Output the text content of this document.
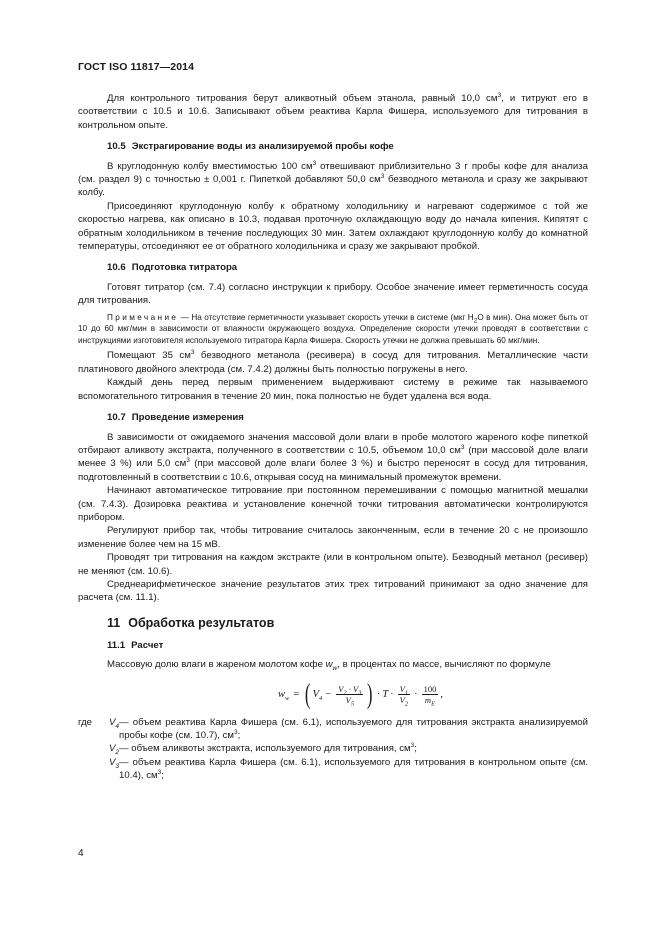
ГОСТ ISO 11817—2014

Для контрольного титрования берут аликвотный объем этанола, равный 10,0 $см^3$, и титруют его в соответствии с 10.5 и 10.6. Записывают объем реактива Карла Фишера, используемого для титрования в контрольном опыте.

10.5 Экстрагирование воды из анализируемой пробы кофе

В круглодонную колбу вместимостью 100 $см^3$ отвешивают приблизительно 3 г пробы кофе для анализа (см. раздел 9) с точностью ± 0,001 г. Пипеткой добавляют 50,0 $см^3$ безводного метанола и сразу же закрывают колбу.

Присоединяют круглодонную колбу к обратному холодильнику и нагревают содержимое с той же скоростью нагрева, как описано в 10.3, подавая проточную охлаждающую воду до начала кипения. Кипятят с обратным холодильником в течение последующих 30 мин. Затем охлаждают круглодонную колбу до комнатной температуры, отсоединяют ее от обратного холодильника и сразу же закрывают пробкой.

10.6 Подготовка титратора

Готовят титратор (см. 7.4) согласно инструкции к прибору. Особое значение имеет герметичность сосуда для титрования.

Примечание — На отсутствие герметичности указывает скорость утечки в системе (мкг $H_2O$ в мин). Она может быть от 10 до 60 мкг/мин в зависимости от влажности окружающего воздуха. Определение скорости утечки проводят в соответствии с инструкциями изготовителя используемого титратора Карла Фишера. Скорость утечки не должна превышать 60 мкг/мин.

Помещают 35 $см^3$ безводного метанола (ресивера) в сосуд для титрования. Металлические части платинового двойного электрода (см. 7.4.2) должны быть полностью погружены в него.

Каждый день перед первым применением выдерживают систему в режиме так называемого вспомогательного титрования в течение 20 мин, пока полностью не будет удалена вся вода.

10.7 Проведение измерения

В зависимости от ожидаемого значения массовой доли влаги в пробе молотого жареного кофе пипеткой отбирают аликвоту экстракта, полученного в соответствии с 10.5, объемом 10,0 $см^3$ (при массовой доле влаги менее 3 %) или 5,0 $см^3$ (при массовой доле влаги более 3 %) и быстро переносят в сосуд для титрования, подготовленный в соответствии с 10.6, открывая сосуд на минимальный промежуток времени.

Начинают автоматическое титрование при постоянном перемешивании с помощью магнитной мешалки (см. 7.4.3). Дозировка реактива и установление конечной точки титрования автоматически контролируются прибором.

Регулируют прибор так, чтобы титрование считалось законченным, если в течение 20 с не произошло изменение более чем на 15 мВ.

Проводят три титрования на каждом экстракте (или в контрольном опыте). Безводный метанол (ресивер) не меняют (см. 10.6).

Среднеарифметическое значение результатов этих трех титрований принимают за одно значение для расчета (см. 11.1).

11 Обработка результатов
11.1 Расчет

Массовую долю влаги в жареном молотом кофе $w_w$, в процентах по массе, вычисляют по формуле

$w_w$ = ( $V_4 - \frac{V_2 \cdot V_3}{V_5}$ ) · $T \cdot \frac{V_1}{V_2} \cdot \frac{100}{m_E}$ ,
где	$V_4$ — объем реактива Карла Фишера (см. 6.1), используемого для титрования экстракта анализируемой пробы кофе (см. 10.7), $см^3$;
$V_2$ — объем аликвоты экстракта, используемого для титрования, $см^3$;
$V_3$ — объем реактива Карла Фишера (см. 6.1), используемого для титрования в контрольном опыте (см. 10.4), $см^3$;
4
